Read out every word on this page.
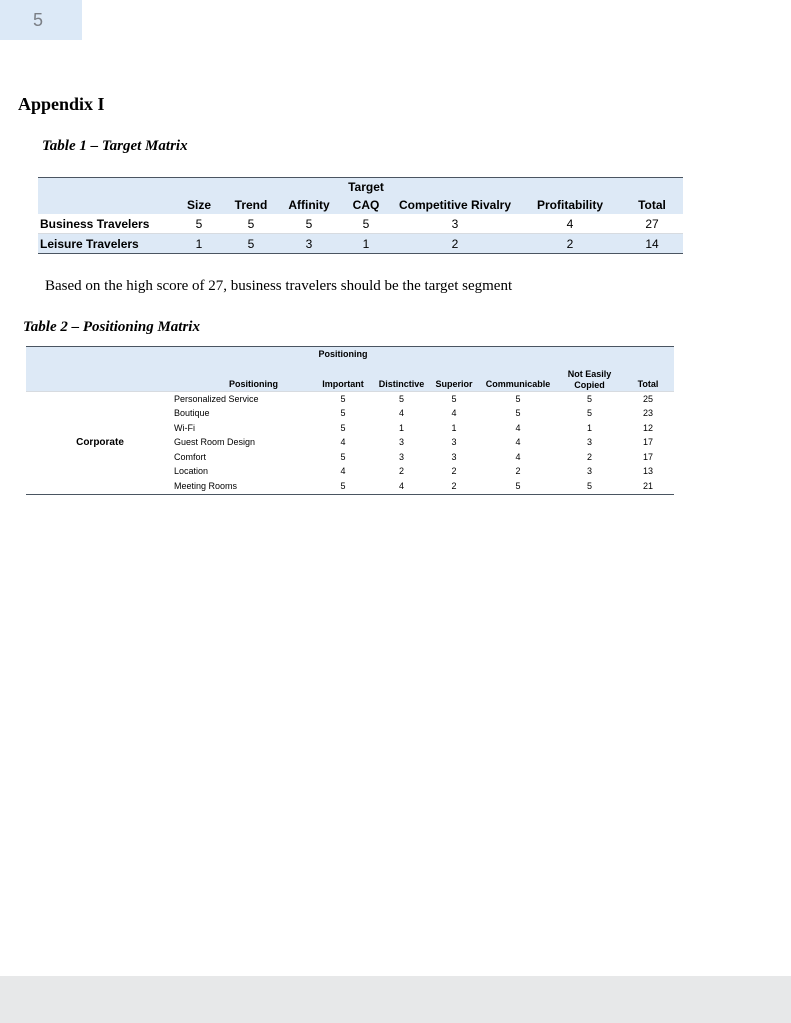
5
Appendix I

Table 1 – Target Matrix

				Target			
	Size	Trend	Affinity	CAQ	Competitive Rivalry	Profitability	Total
Business Travelers	5	5	5	5	3	4	27
Leisure Travelers	1	5	3	1	2	2	14

Based on the high score of 27, business travelers should be the target segment

Table 2 – Positioning Matrix

		Positioning					
	Positioning	Important	Distinctive	Superior	Communicable	Not Easily Copied	Total
Corporate	Personalized Service	5	5	5	5	5	25
	Boutique	5	4	4	5	5	23
	Wi-Fi	5	1	1	4	1	12
	Guest Room Design	4	3	3	4	3	17
	Comfort	5	3	3	4	2	17
	Location	4	2	2	2	3	13
	Meeting Rooms	5	4	2	5	5	21
